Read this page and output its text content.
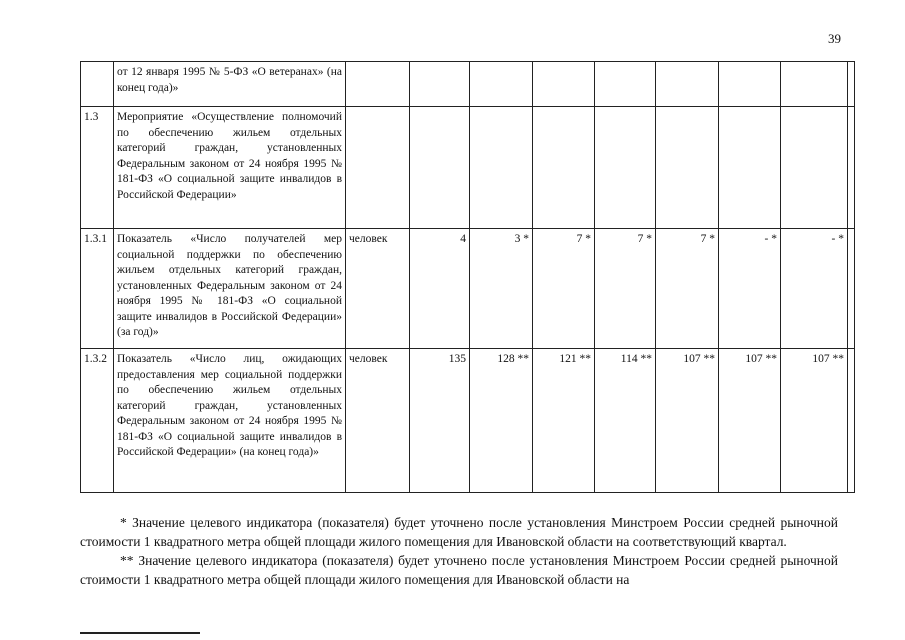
39
	от 12 января 1995 № 5-ФЗ «О ветеранах» (на конец года)»									
1.3	Мероприятие «Осуществление полномочий по обеспечению жильем отдельных категорий граждан, установленных Федеральным законом от 24 ноября 1995 № 181-ФЗ «О социальной защите инвалидов в Российской Федерации»									
1.3.1	Показатель «Число получателей мер социальной поддержки по обеспечению жильем отдельных категорий граждан, установленных Федеральным законом от 24 ноября 1995 № 181-ФЗ «О социальной защите инвалидов в Российской Федерации» (за год)»	человек	4	3 *	7 *	7 *	7 *	- *	- *	
1.3.2	Показатель «Число лиц, ожидающих предоставления мер социальной поддержки по обеспечению жильем отдельных категорий граждан, установленных Федеральным законом от 24 ноября 1995 № 181-ФЗ «О социальной защите инвалидов в Российской Федерации» (на конец года)»	человек	135	128 **	121 **	114 **	107 **	107 **	107 **	

* Значение целевого индикатора (показателя) будет уточнено после установления Минстроем России средней рыночной стоимости 1 квадратного метра общей площади жилого помещения для Ивановской области на соответствующий квартал.

** Значение целевого индикатора (показателя) будет уточнено после установления Минстроем России средней рыночной стоимости 1 квадратного метра общей площади жилого помещения для Ивановской области на
